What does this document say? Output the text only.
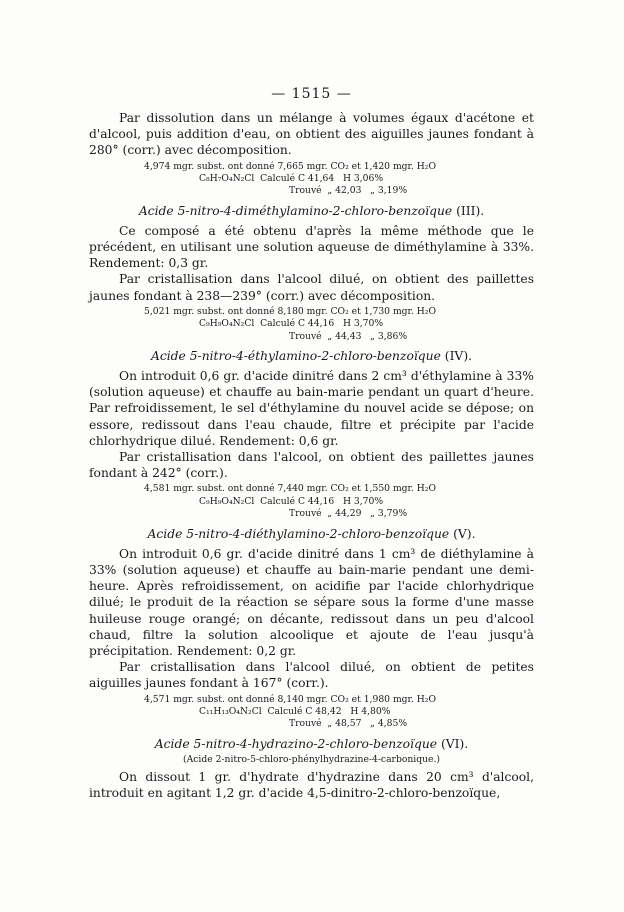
— 1515 —

Par dissolution dans un mélange à volumes égaux d'acétone et d'alcool, puis addition d'eau, on obtient des aiguilles jaunes fondant à 280° (corr.) avec décomposition.

4,974 mgr. subst. ont donné 7,665 mgr. CO₂ et 1,420 mgr. H₂O
C₈H₇O₄N₂Cl  Calculé C 41,64   H 3,06%
Trouvé  „ 42,03   „ 3,19%
Acide 5-nitro-4-diméthylamino-2-chloro-benzoïque (III).

Ce composé a été obtenu d'après la même méthode que le précédent, en utilisant une solution aqueuse de diméthylamine à 33%. Rendement: 0,3 gr.

Par cristallisation dans l'alcool dilué, on obtient des paillettes jaunes fondant à 238—239° (corr.) avec décomposition.

5,021 mgr. subst. ont donné 8,180 mgr. CO₂ et 1,730 mgr. H₂O
C₉H₉O₄N₂Cl  Calculé C 44,16   H 3,70%
Trouvé  „ 44,43   „ 3,86%
Acide 5-nitro-4-éthylamino-2-chloro-benzoïque (IV).

On introduit 0,6 gr. d'acide dinitré dans 2 cm³ d'éthylamine à 33% (solution aqueuse) et chauffe au bain-marie pendant un quart d'heure. Par refroidissement, le sel d'éthylamine du nouvel acide se dépose; on essore, redissout dans l'eau chaude, filtre et précipite par l'acide chlorhydrique dilué. Rendement: 0,6 gr.

Par cristallisation dans l'alcool, on obtient des paillettes jaunes fondant à 242° (corr.).

4,581 mgr. subst. ont donné 7,440 mgr. CO₂ et 1,550 mgr. H₂O
C₉H₉O₄N₂Cl  Calculé C 44,16   H 3,70%
Trouvé  „ 44,29   „ 3,79%
Acide 5-nitro-4-diéthylamino-2-chloro-benzoïque (V).

On introduit 0,6 gr. d'acide dinitré dans 1 cm³ de diéthylamine à 33% (solution aqueuse) et chauffe au bain-marie pendant une demi-heure. Après refroidissement, on acidifie par l'acide chlorhydrique dilué; le produit de la réaction se sépare sous la forme d'une masse huileuse rouge orangé; on décante, redissout dans un peu d'alcool chaud, filtre la solution alcoolique et ajoute de l'eau jusqu'à précipitation. Rendement: 0,2 gr.

Par cristallisation dans l'alcool dilué, on obtient de petites aiguilles jaunes fondant à 167° (corr.).

4,571 mgr. subst. ont donné 8,140 mgr. CO₂ et 1,980 mgr. H₂O
C₁₁H₁₃O₄N₂Cl  Calculé C 48,42   H 4,80%
Trouvé  „ 48,57   „ 4,85%
Acide 5-nitro-4-hydrazino-2-chloro-benzoïque (VI).
(Acide 2-nitro-5-chloro-phénylhydrazine-4-carbonique.)

On dissout 1 gr. d'hydrate d'hydrazine dans 20 cm³ d'alcool, introduit en agitant 1,2 gr. d'acide 4,5-dinitro-2-chloro-benzoïque,
